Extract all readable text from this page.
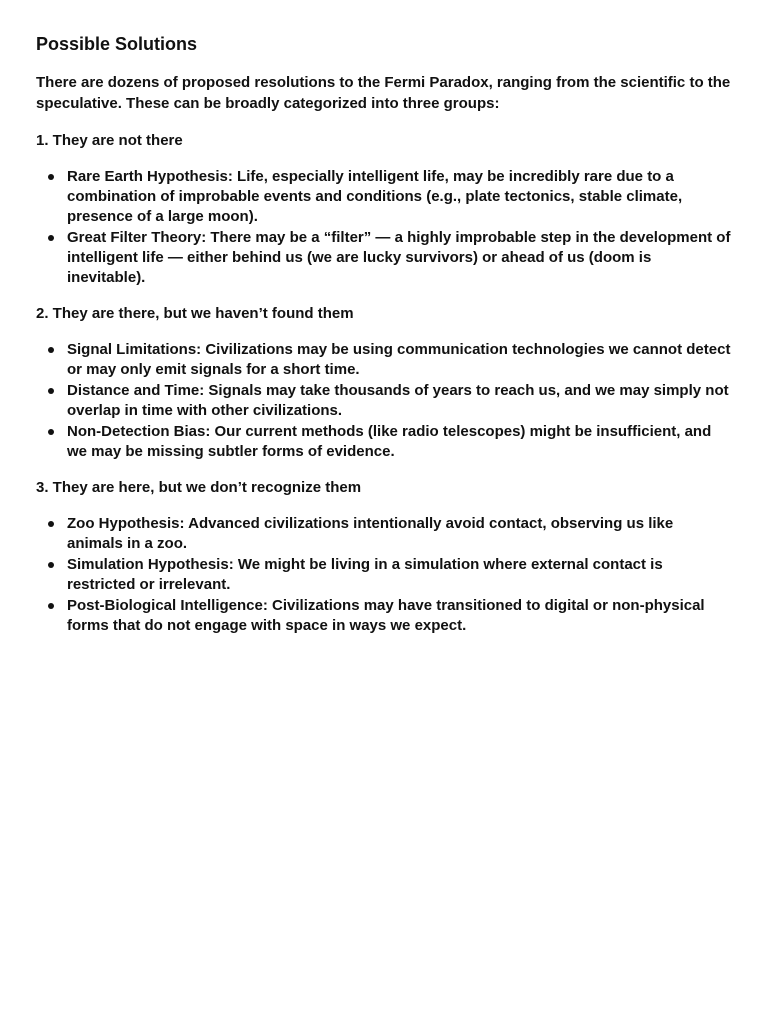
Possible Solutions

There are dozens of proposed resolutions to the Fermi Paradox, ranging from the scientific to the speculative. These can be broadly categorized into three groups:

1. They are not there

Rare Earth Hypothesis: Life, especially intelligent life, may be incredibly rare due to a combination of improbable events and conditions (e.g., plate tectonics, stable climate, presence of a large moon).
Great Filter Theory: There may be a “filter” — a highly improbable step in the development of intelligent life — either behind us (we are lucky survivors) or ahead of us (doom is inevitable).

2. They are there, but we haven’t found them

Signal Limitations: Civilizations may be using communication technologies we cannot detect or may only emit signals for a short time.
Distance and Time: Signals may take thousands of years to reach us, and we may simply not overlap in time with other civilizations.
Non-Detection Bias: Our current methods (like radio telescopes) might be insufficient, and we may be missing subtler forms of evidence.

3. They are here, but we don’t recognize them

Zoo Hypothesis: Advanced civilizations intentionally avoid contact, observing us like animals in a zoo.
Simulation Hypothesis: We might be living in a simulation where external contact is restricted or irrelevant.
Post-Biological Intelligence: Civilizations may have transitioned to digital or non-physical forms that do not engage with space in ways we expect.
